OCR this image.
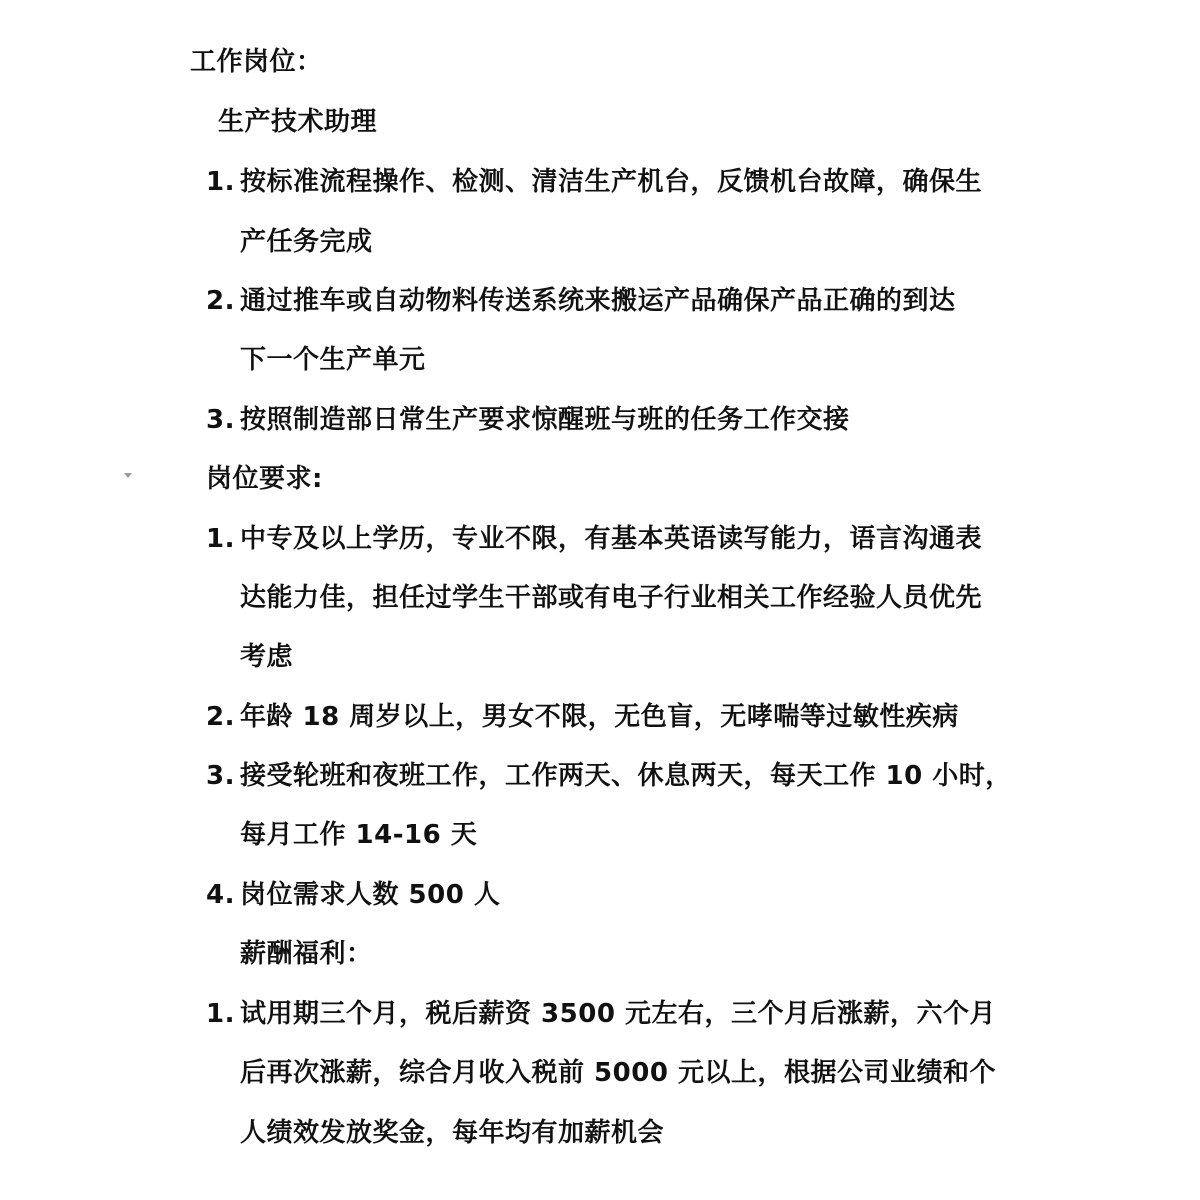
工作岗位：
生产技术助理
1. 按标准流程操作、检测、清洁生产机台，反馈机台故障，确保生
产任务完成
2. 通过推车或自动物料传送系统来搬运产品确保产品正确的到达
下一个生产单元
3. 按照制造部日常生产要求惊醒班与班的任务工作交接
岗位要求:
1. 中专及以上学历，专业不限，有基本英语读写能力，语言沟通表
达能力佳，担任过学生干部或有电子行业相关工作经验人员优先
考虑
2. 年龄 18 周岁以上，男女不限，无色盲，无哮喘等过敏性疾病
3. 接受轮班和夜班工作，工作两天、休息两天，每天工作 10 小时，
每月工作 14-16 天
4. 岗位需求人数 500 人
薪酬福利：
1. 试用期三个月，税后薪资 3500 元左右，三个月后涨薪，六个月
后再次涨薪，综合月收入税前 5000 元以上，根据公司业绩和个
人绩效发放奖金，每年均有加薪机会
